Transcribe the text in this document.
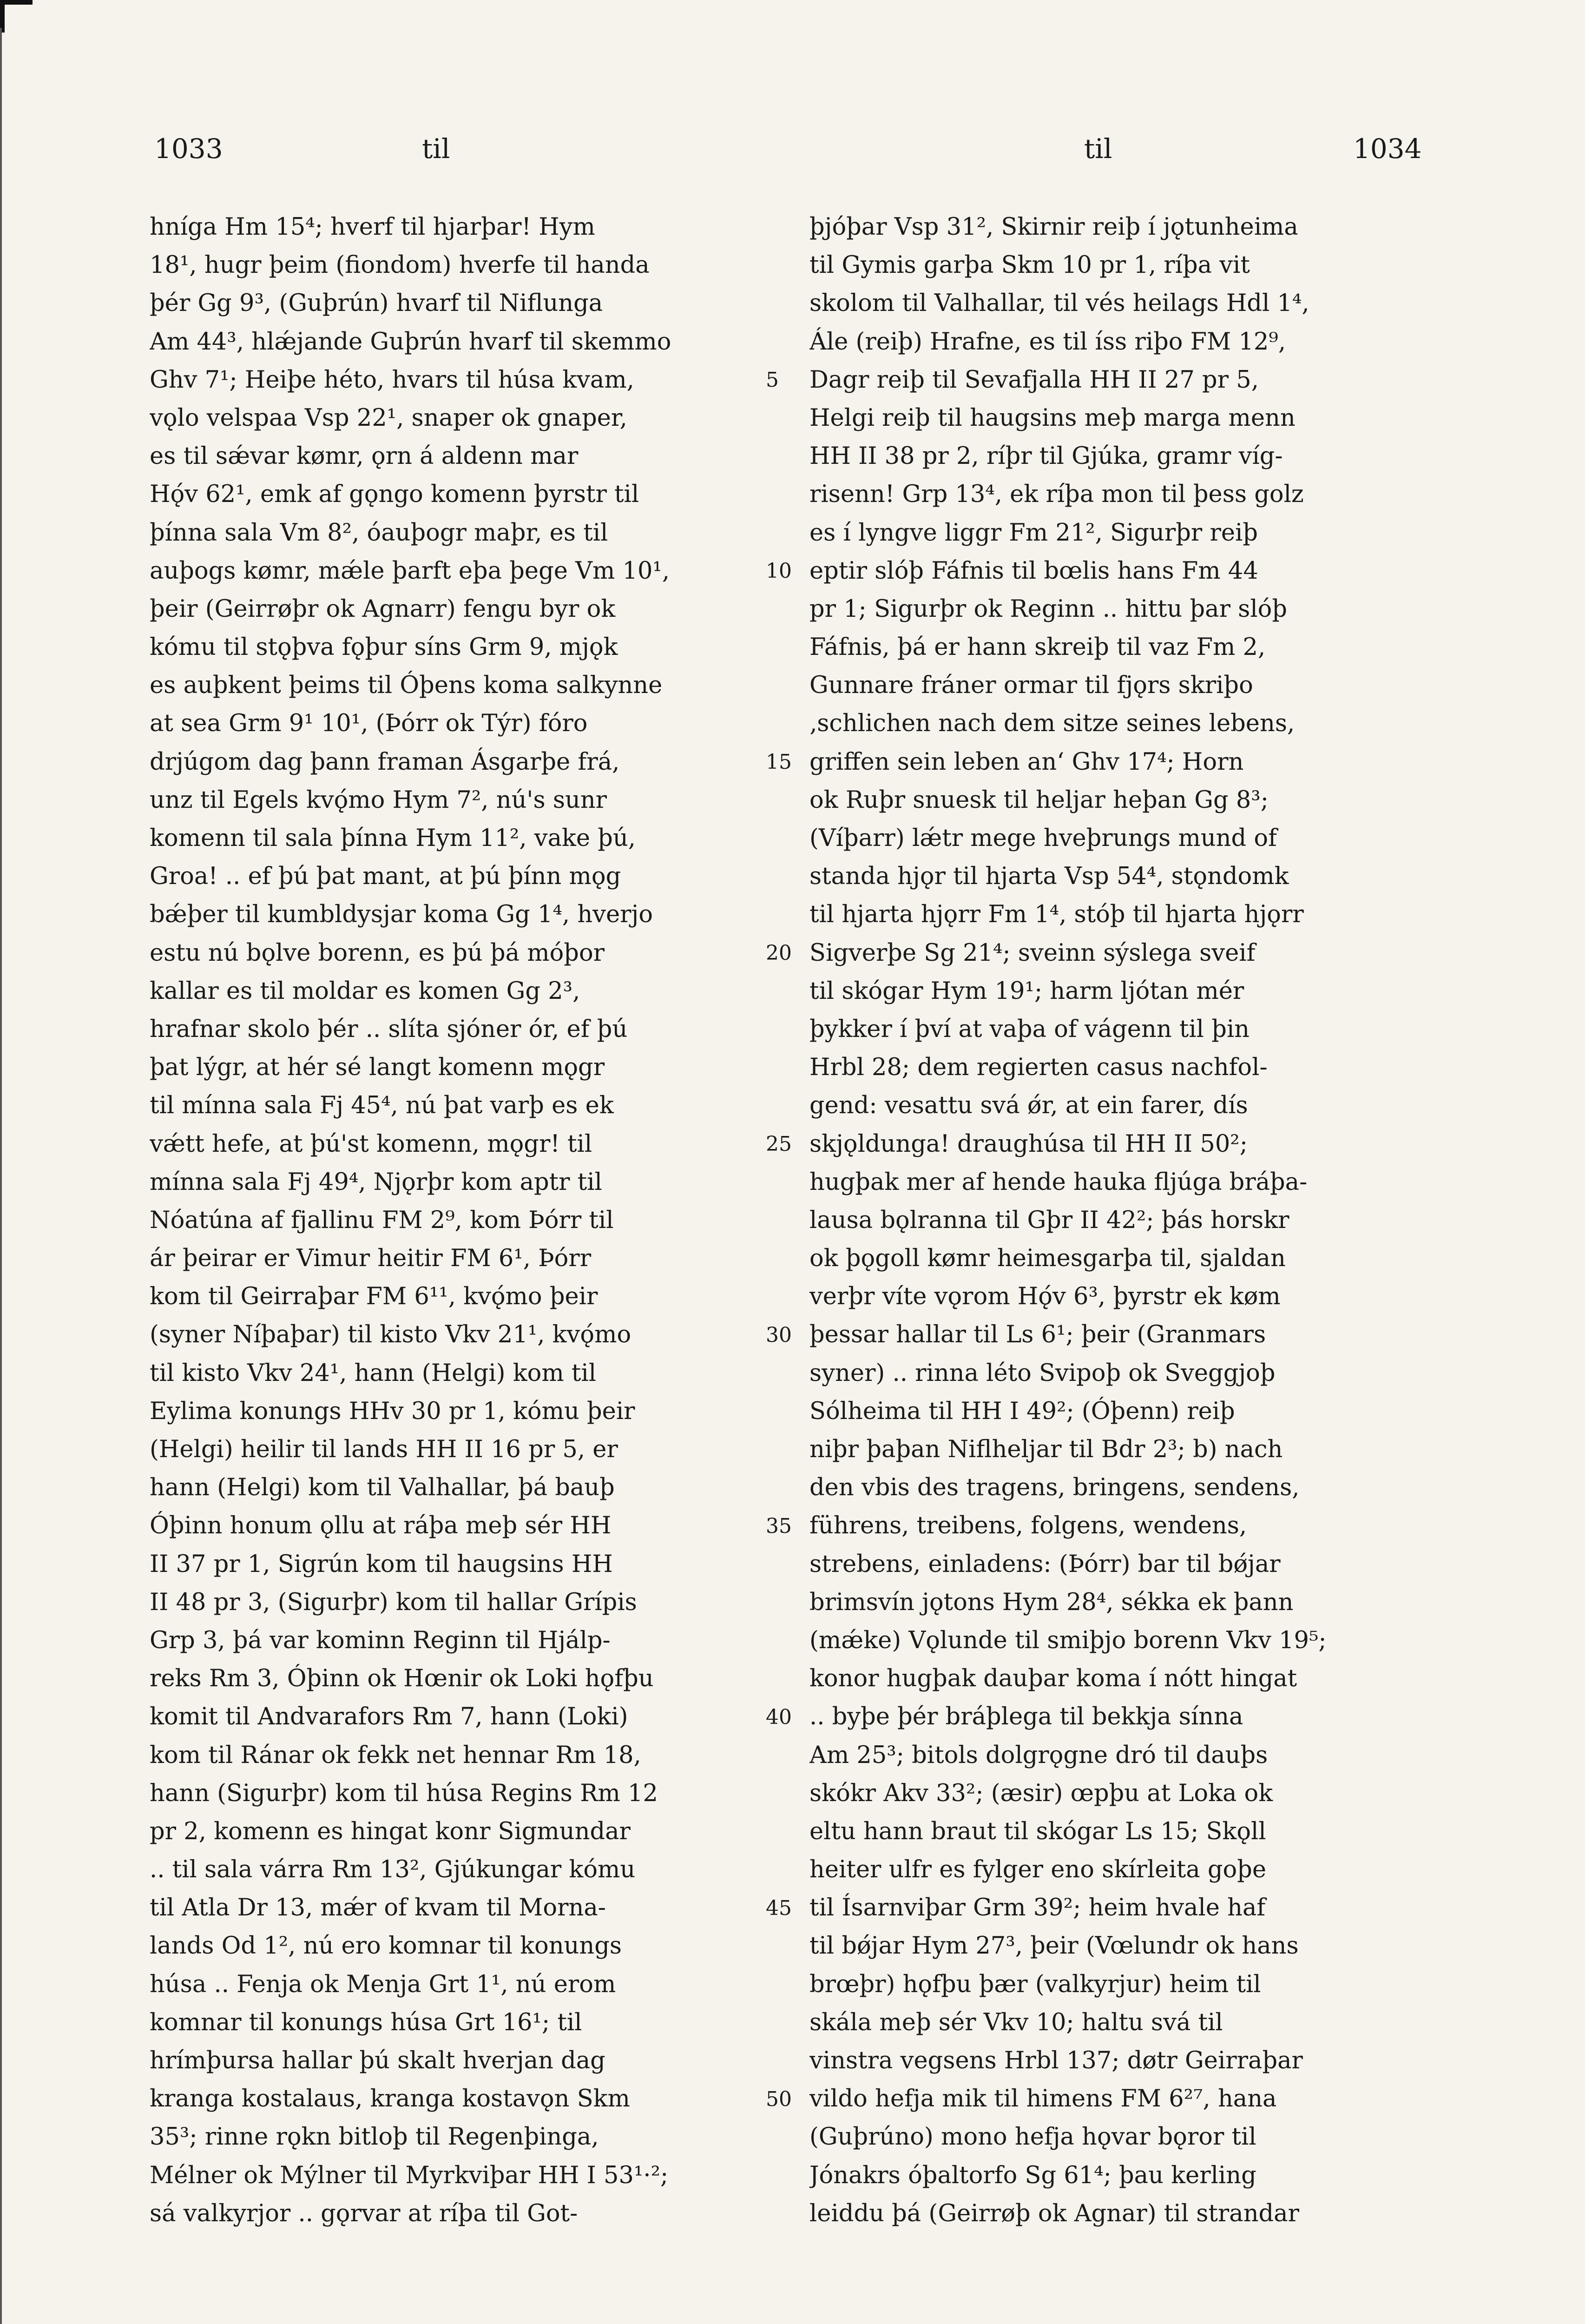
1033	til	til	1034
hníga Hm 15⁴; hverf til hjarþar! Hym
18¹, hugr þeim (fiondom) hverfe til handa
þér Gg 9³, (Guþrún) hvarf til Niflunga
Am 44³, hlǽjande Guþrún hvarf til skemmo
Ghv 7¹; Heiþe héto, hvars til húsa kvam,
vǫlo velspaa Vsp 22¹, snaper ok gnaper,
es til sǽvar kømr, ǫrn á aldenn mar
Hǫ́v 62¹, emk af gǫngo komenn þyrstr til
þínna sala Vm 8², óauþogr maþr, es til
auþogs kømr, mǽle þarft eþa þege Vm 10¹,
þeir (Geirrøþr ok Agnarr) fengu byr ok
kómu til stǫþva fǫþur síns Grm 9, mjǫk
es auþkent þeims til Óþens koma salkynne
at sea Grm 9¹ 10¹, (Þórr ok Týr) fóro
drjúgom dag þann framan Ásgarþe frá,
unz til Egels kvǫ́mo Hym 7², nú's sunr
komenn til sala þínna Hym 11², vake þú,
Groa! .. ef þú þat mant, at þú þínn mǫg
bǽþer til kumbldysjar koma Gg 1⁴, hverjo
estu nú bǫlve borenn, es þú þá móþor
kallar es til moldar es komen Gg 2³,
hrafnar skolo þér .. slíta sjóner ór, ef þú
þat lýgr, at hér sé langt komenn mǫgr
til mínna sala Fj 45⁴, nú þat varþ es ek
vǽtt hefe, at þú'st komenn, mǫgr! til
mínna sala Fj 49⁴, Njǫrþr kom aptr til
Nóatúna af fjallinu FM 2⁹, kom Þórr til
ár þeirar er Vimur heitir FM 6¹, Þórr
kom til Geirraþar FM 6¹¹, kvǫ́mo þeir
(syner Níþaþar) til kisto Vkv 21¹, kvǫ́mo
til kisto Vkv 24¹, hann (Helgi) kom til
Eylima konungs HHv 30 pr 1, kómu þeir
(Helgi) heilir til lands HH II 16 pr 5, er
hann (Helgi) kom til Valhallar, þá bauþ
Óþinn honum ǫllu at ráþa meþ sér HH
II 37 pr 1, Sigrún kom til haugsins HH
II 48 pr 3, (Sigurþr) kom til hallar Grípis
Grp 3, þá var kominn Reginn til Hjálp-
reks Rm 3, Óþinn ok Hœnir ok Loki hǫfþu
komit til Andvarafors Rm 7, hann (Loki)
kom til Ránar ok fekk net hennar Rm 18,
hann (Sigurþr) kom til húsa Regins Rm 12
pr 2, komenn es hingat konr Sigmundar
.. til sala várra Rm 13², Gjúkungar kómu
til Atla Dr 13, mǽr of kvam til Morna-
lands Od 1², nú ero komnar til konungs
húsa .. Fenja ok Menja Grt 1¹, nú erom
komnar til konungs húsa Grt 16¹; til
hrímþursa hallar þú skalt hverjan dag
kranga kostalaus, kranga kostavǫn Skm
35³; rinne rǫkn bitloþ til Regenþinga,
Mélner ok Mýlner til Myrkviþar HH I 53¹·²;
sá valkyrjor .. gǫrvar at ríþa til Got-
5
10
15
20
25
30
35
40
45
50
þjóþar Vsp 31², Skirnir reiþ í jǫtunheima
til Gymis garþa Skm 10 pr 1, ríþa vit
skolom til Valhallar, til vés heilags Hdl 1⁴,
Ále (reiþ) Hrafne, es til íss riþo FM 12⁹,
Dagr reiþ til Sevafjalla HH II 27 pr 5,
Helgi reiþ til haugsins meþ marga menn
HH II 38 pr 2, ríþr til Gjúka, gramr víg-
risenn! Grp 13⁴, ek ríþa mon til þess golz
es í lyngve liggr Fm 21², Sigurþr reiþ
eptir slóþ Fáfnis til bœlis hans Fm 44
pr 1; Sigurþr ok Reginn .. hittu þar slóþ
Fáfnis, þá er hann skreiþ til vaz Fm 2,
Gunnare fráner ormar til fjǫrs skriþo
‚schlichen nach dem sitze seines lebens,
griffen sein leben an‘ Ghv 17⁴; Horn
ok Ruþr snuesk til heljar heþan Gg 8³;
(Víþarr) lǽtr mege hveþrungs mund of
standa hjǫr til hjarta Vsp 54⁴, stǫndomk
til hjarta hjǫrr Fm 1⁴, stóþ til hjarta hjǫrr
Sigverþe Sg 21⁴; sveinn sýslega sveif
til skógar Hym 19¹; harm ljótan mér
þykker í því at vaþa of vágenn til þin
Hrbl 28; dem regierten casus nachfol-
gend: vesattu svá ǿr, at ein farer, dís
skjǫldunga! draughúsa til HH II 50²;
hugþak mer af hende hauka fljúga bráþa-
lausa bǫlranna til Gþr II 42²; þás horskr
ok þǫgoll kømr heimesgarþa til, sjaldan
verþr víte vǫrom Hǫ́v 6³, þyrstr ek køm
þessar hallar til Ls 6¹; þeir (Granmars
syner) .. rinna léto Svipoþ ok Sveggjoþ
Sólheima til HH I 49²; (Óþenn) reiþ
niþr þaþan Niflheljar til Bdr 2³; b) nach
den vbis des tragens, bringens, sendens,
führens, treibens, folgens, wendens,
strebens, einladens: (Þórr) bar til bǿjar
brimsvín jǫtons Hym 28⁴, sékka ek þann
(mǽke) Vǫlunde til smiþjo borenn Vkv 19⁵;
konor hugþak dauþar koma í nótt hingat
.. byþe þér bráþlega til bekkja sínna
Am 25³; bitols dolgrǫgne dró til dauþs
skókr Akv 33²; (æsir) œpþu at Loka ok
eltu hann braut til skógar Ls 15; Skǫll
heiter ulfr es fylger eno skírleita goþe
til Ísarnviþar Grm 39²; heim hvale haf
til bǿjar Hym 27³, þeir (Vœlundr ok hans
brœþr) hǫfþu þær (valkyrjur) heim til
skála meþ sér Vkv 10; haltu svá til
vinstra vegsens Hrbl 137; døtr Geirraþar
vildo hefja mik til himens FM 6²⁷, hana
(Guþrúno) mono hefja hǫvar bǫror til
Jónakrs óþaltorfo Sg 61⁴; þau kerling
leiddu þá (Geirrøþ ok Agnar) til strandar
